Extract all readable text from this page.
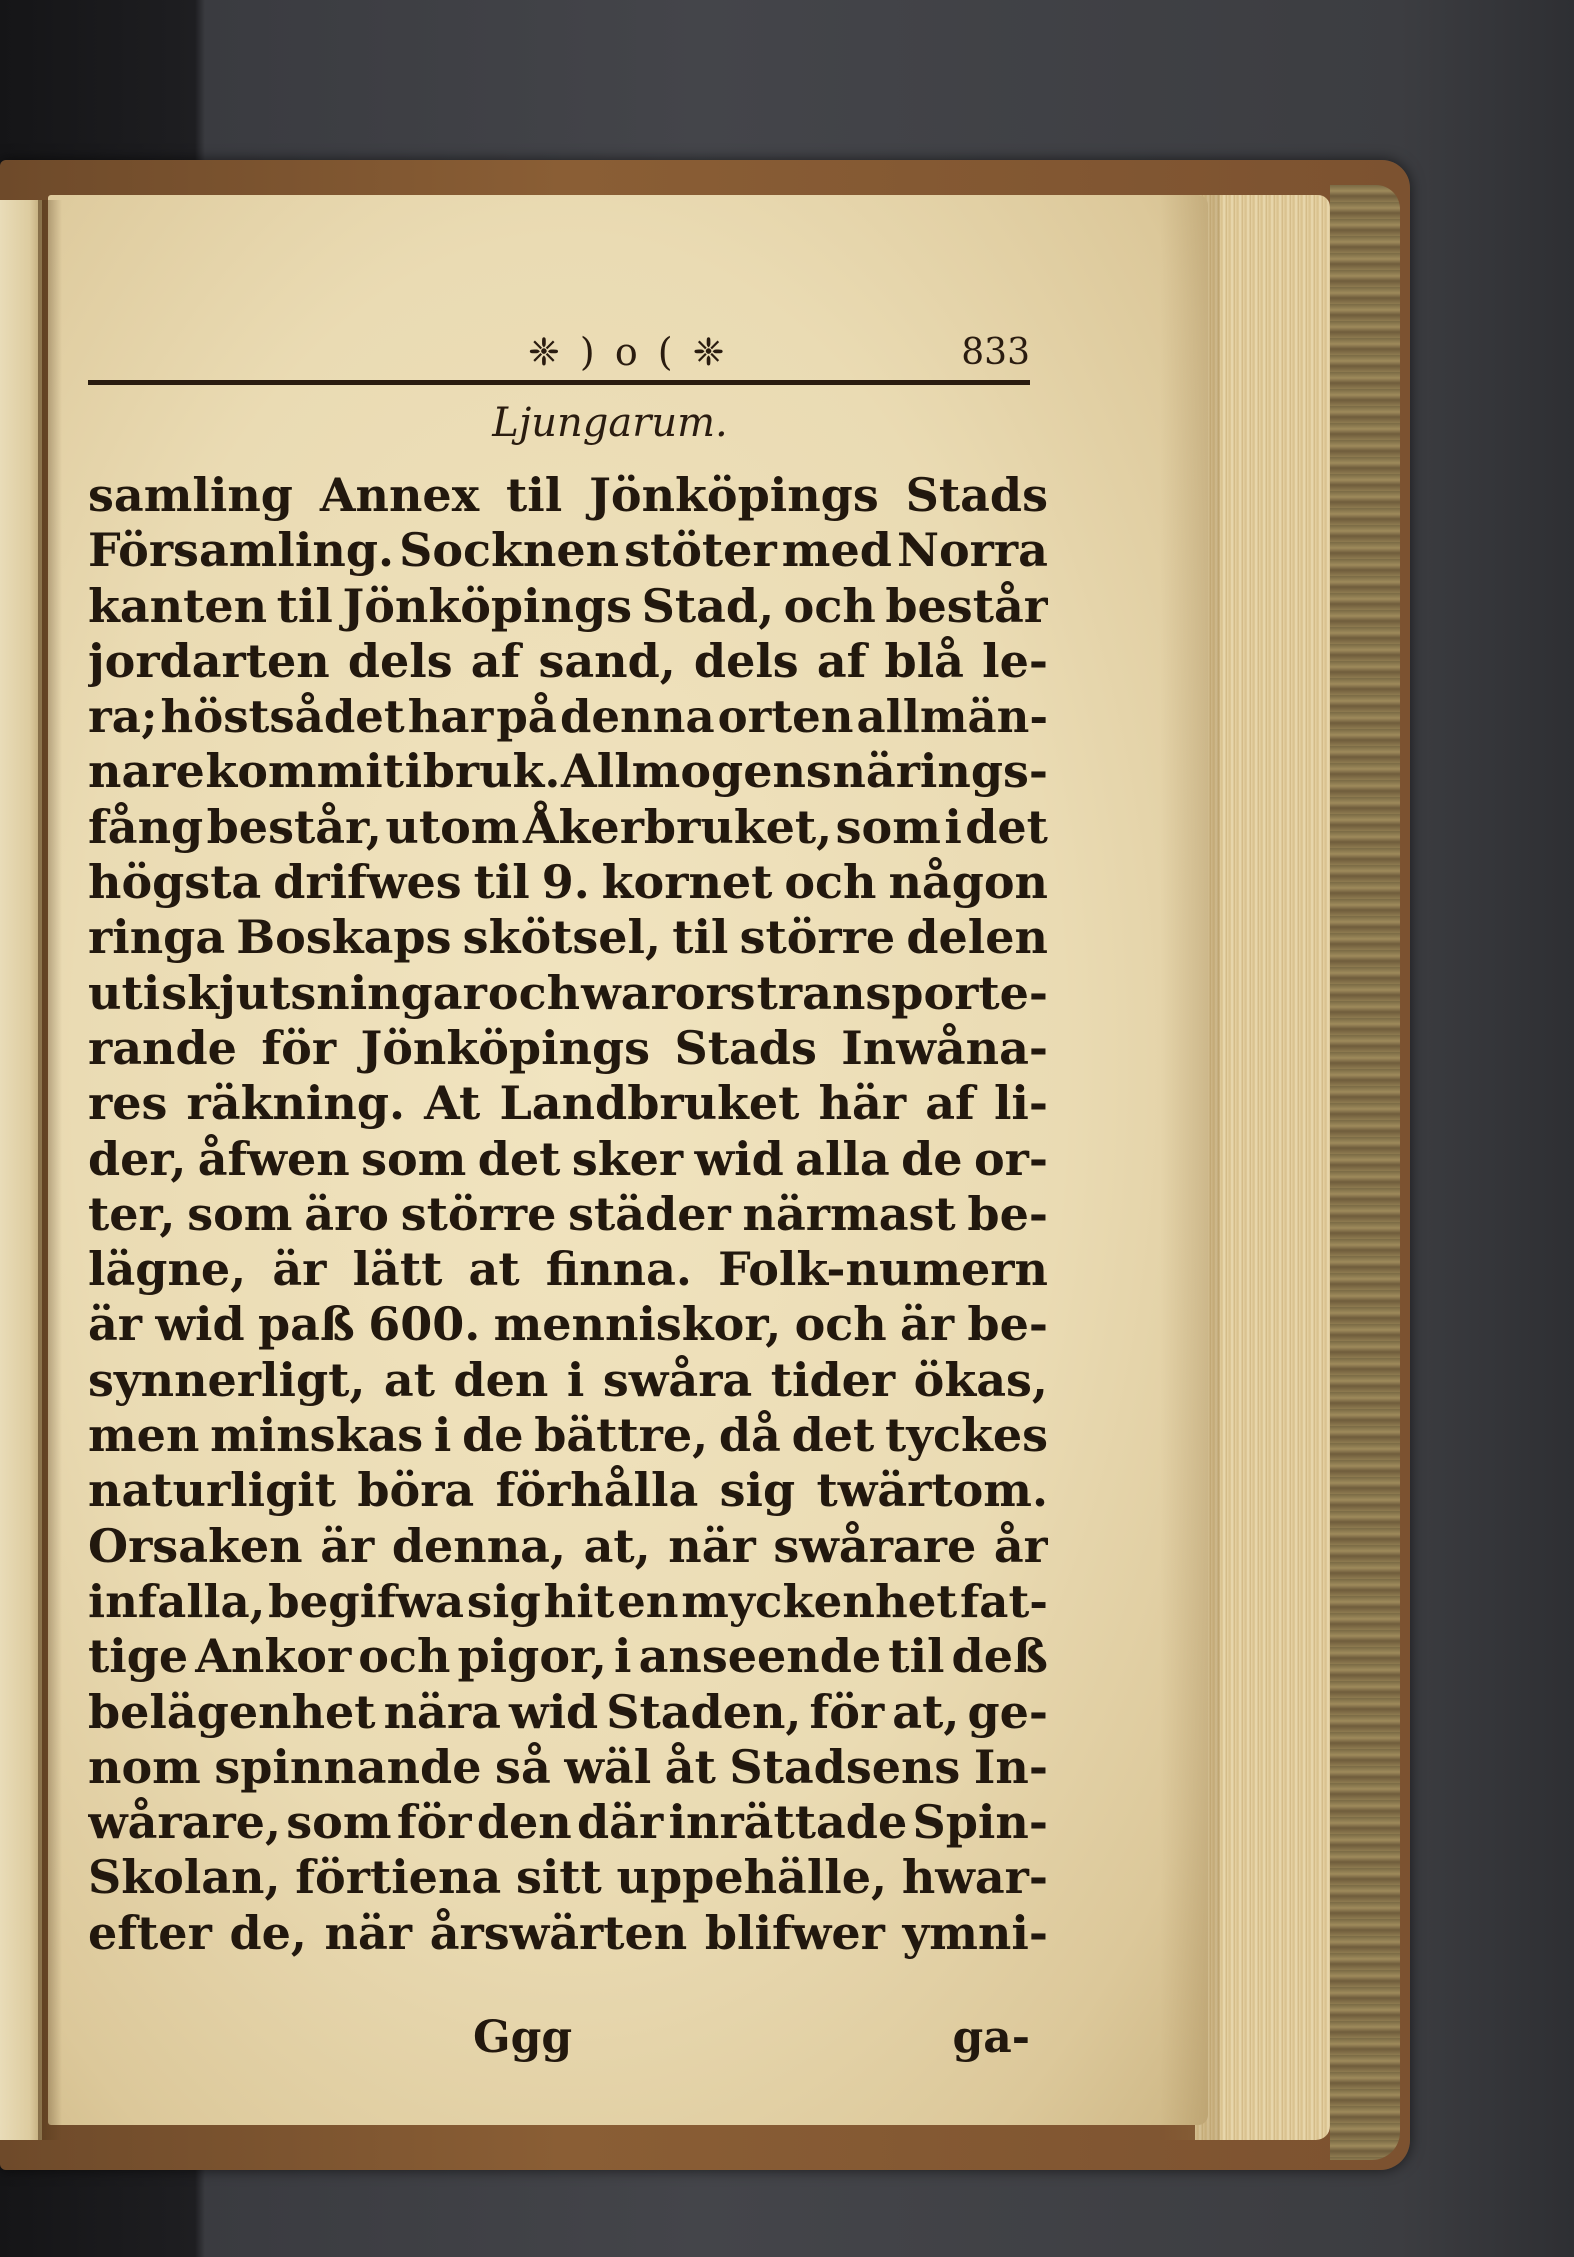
❈ ) o ( ❈	833
Ljungarum.
samling Annex til Jönköpings Stads
Församling. Socknen stöter med Norra
kanten til Jönköpings Stad, och består
jordarten dels af sand, dels af blå le-
ra; höstsådet har på denna orten allmän-
nare kommit i bruk. Allmogens närings-
fång består, utom Åkerbruket, som i det
högsta drifwes til 9. kornet och någon
ringa Boskaps skötsel, til större delen
uti skjutsningar och warors transporte-
rande för Jönköpings Stads Inwåna-
res räkning. At Landbruket här af li-
der, åfwen som det sker wid alla de or-
ter, som äro större städer närmast be-
lägne, är lätt at finna. Folk-numern
är wid paß 600. menniskor, och är be-
synnerligt, at den i swåra tider ökas,
men minskas i de bättre, då det tyckes
naturligit böra förhålla sig twärtom.
Orsaken är denna, at, när swårare år
infalla, begifwa sig hit en myckenhet fat-
tige Ankor och pigor, i anseende til deß
belägenhet nära wid Staden, för at, ge-
nom spinnande så wäl åt Stadsens In-
wårare, som för den där inrättade Spin-
Skolan, förtiena sitt uppehälle, hwar-
efter de, när årswärten blifwer ymni-
Ggg	ga-
